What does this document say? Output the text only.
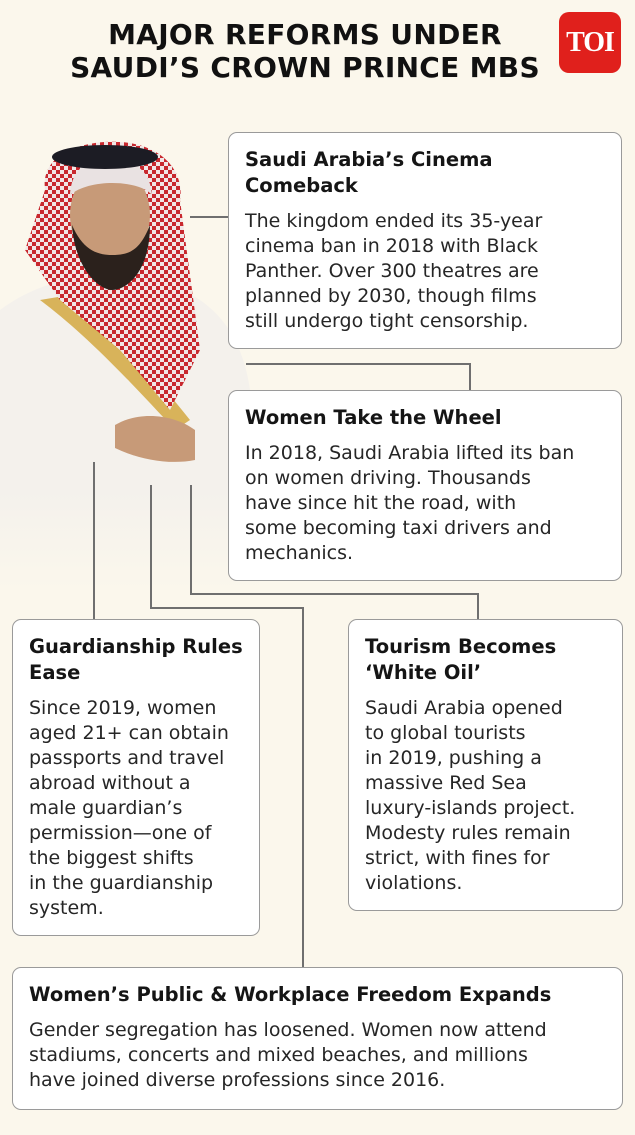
MAJOR REFORMS UNDER
SAUDI’S CROWN PRINCE MBS
TOI
Saudi Arabia’s Cinema
Comeback
The kingdom ended its 35-year
cinema ban in 2018 with Black
Panther. Over 300 theatres are
planned by 2030, though films
still undergo tight censorship.
Women Take the Wheel
In 2018, Saudi Arabia lifted its ban
on women driving. Thousands
have since hit the road, with
some becoming taxi drivers and
mechanics.
Guardianship Rules
Ease
Since 2019, women
aged 21+ can obtain
passports and travel
abroad without a
male guardian’s
permission—one of
the biggest shifts
in the guardianship
system.
Tourism Becomes
‘White Oil’
Saudi Arabia opened
to global tourists
in 2019, pushing a
massive Red Sea
luxury-islands project.
Modesty rules remain
strict, with fines for
violations.
Women’s Public & Workplace Freedom Expands
Gender segregation has loosened. Women now attend
stadiums, concerts and mixed beaches, and millions
have joined diverse professions since 2016.
